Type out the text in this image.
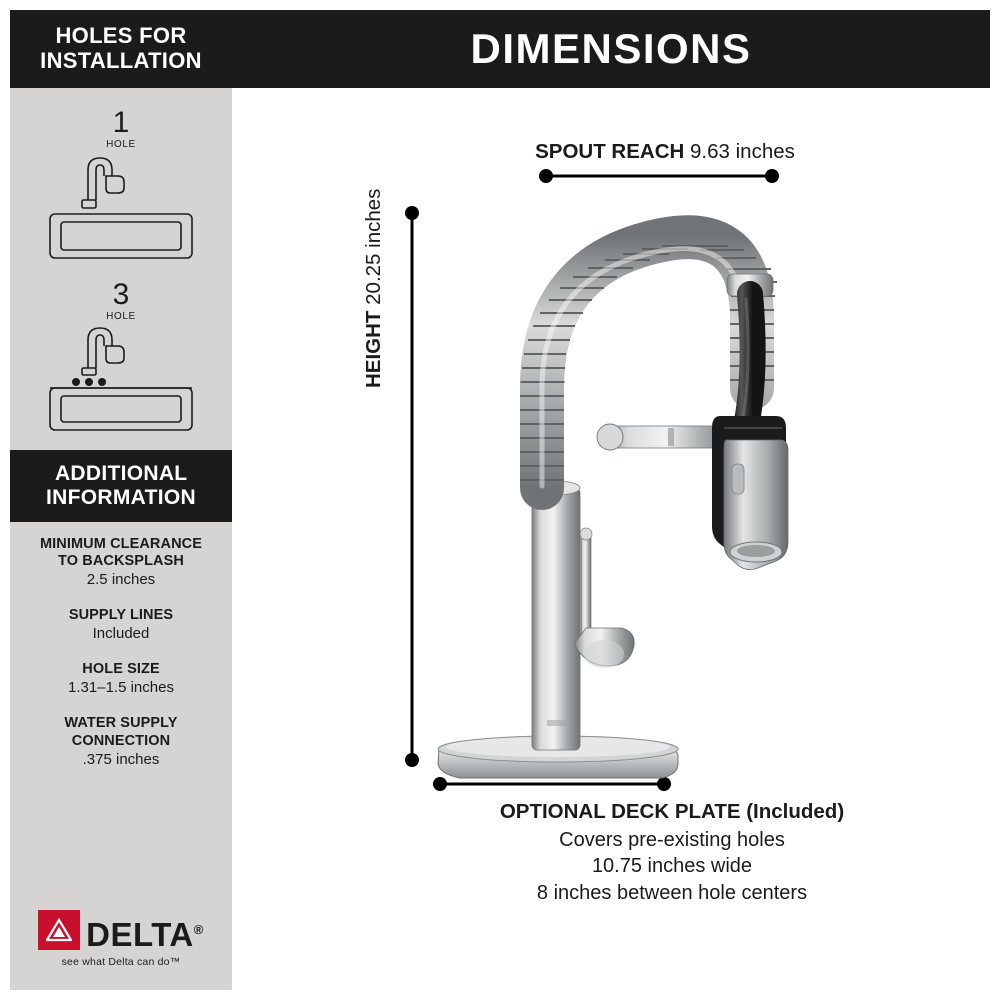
HOLES FOR
INSTALLATION
1
HOLE
3
HOLE
ADDITIONAL INFORMATION
MINIMUM CLEARANCE
TO BACKSPLASH
2.5 inches
SUPPLY LINES
Included
HOLE SIZE
1.31–1.5 inches
WATER SUPPLY
CONNECTION
.375 inches
DELTA®
see what Delta can do™
DIMENSIONS
SPOUT REACH 9.63 inches
HEIGHT 20.25 inches
OPTIONAL DECK PLATE (Included)
Covers pre-existing holes
10.75 inches wide
8 inches between hole centers
